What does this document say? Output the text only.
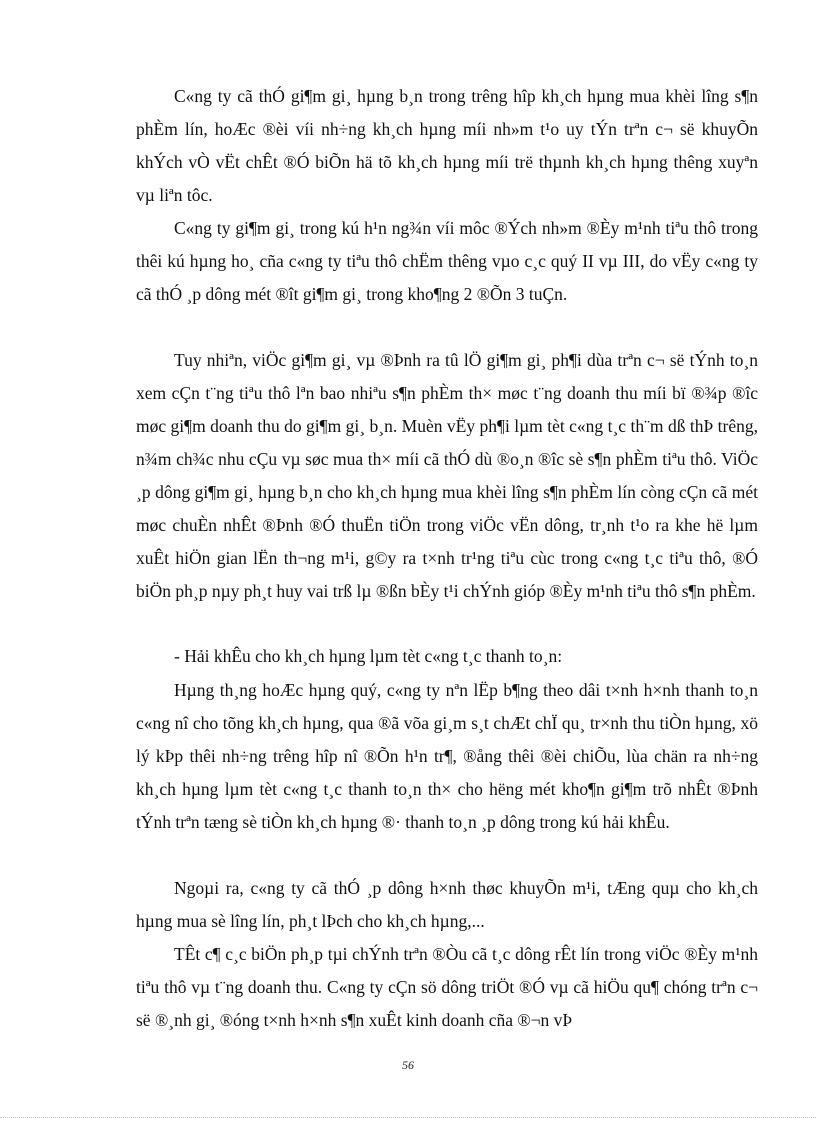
C«ng ty cã thÓ gi¶m gi¸ hµng b¸n trong trêng hîp kh¸ch hµng mua khèi lîng s¶n phÈm lín, hoÆc ®èi víi nh÷ng kh¸ch hµng míi nh»m t¹o uy tÝn trªn c¬ së khuyÕn khÝch vÒ vËt chÊt ®Ó biÕn hä tõ kh¸ch hµng míi trë thµnh kh¸ch hµng thêng xuyªn vµ liªn tôc.

C«ng ty gi¶m gi¸ trong kú h¹n ng¾n víi môc ®Ých nh»m ®Èy m¹nh tiªu thô trong thêi kú hµng ho¸ cña c«ng ty tiªu thô chËm thêng vµo c¸c quý II vµ III, do vËy c«ng ty cã thÓ ¸p dông mét ®ît gi¶m gi¸ trong kho¶ng 2 ®Õn 3 tuÇn.

Tuy nhiªn, viÖc gi¶m gi¸ vµ ®Þnh ra tû lÖ gi¶m gi¸ ph¶i dùa trªn c¬ së tÝnh to¸n xem cÇn t¨ng tiªu thô lªn bao nhiªu s¶n phÈm th× møc t¨ng doanh thu míi bï ®¾p ®îc møc gi¶m doanh thu do gi¶m gi¸ b¸n. Muèn vËy ph¶i lµm tèt c«ng t¸c th¨m dß thÞ trêng, n¾m ch¾c nhu cÇu vµ søc mua th× míi cã thÓ dù ®o¸n ®îc sè s¶n phÈm tiªu thô. ViÖc ¸p dông gi¶m gi¸ hµng b¸n cho kh¸ch hµng mua khèi lîng s¶n phÈm lín còng cÇn cã mét møc chuÈn nhÊt ®Þnh ®Ó thuËn tiÖn trong viÖc vËn dông, tr¸nh t¹o ra khe hë lµm xuÊt hiÖn gian lËn th¬ng m¹i, g©y ra t×nh tr¹ng tiªu cùc trong c«ng t¸c tiªu thô, ®Ó biÖn ph¸p nµy ph¸t huy vai trß lµ ®ßn bÈy t¹i chÝnh gióp ®Èy m¹nh tiªu thô s¶n phÈm.

- Hải khÊu cho kh¸ch hµng lµm tèt c«ng t¸c thanh to¸n:

Hµng th¸ng hoÆc hµng quý, c«ng ty nªn lËp b¶ng theo dâi t×nh h×nh thanh to¸n c«ng nî cho tõng kh¸ch hµng, qua ®ã võa gi¸m s¸t chÆt chÏ qu¸ tr×nh thu tiÒn hµng, xö lý kÞp thêi nh÷ng trêng hîp nî ®Õn h¹n tr¶, ®ång thêi ®èi chiÕu, lùa chän ra nh÷ng kh¸ch hµng lµm tèt c«ng t¸c thanh to¸n th× cho hëng mét kho¶n gi¶m trõ nhÊt ®Þnh tÝnh trªn tæng sè tiÒn kh¸ch hµng ®· thanh to¸n ¸p dông trong kú hải khÊu.

Ngoµi ra, c«ng ty cã thÓ ¸p dông h×nh thøc khuyÕn m¹i, tÆng quµ cho kh¸ch hµng mua sè lîng lín, ph¸t lÞch cho kh¸ch hµng,...

TÊt c¶ c¸c biÖn ph¸p tµi chÝnh trªn ®Òu cã t¸c dông rÊt lín trong viÖc ®Èy m¹nh tiªu thô vµ t¨ng doanh thu. C«ng ty cÇn sö dông triÖt ®Ó vµ cã hiÖu qu¶ chóng trªn c¬ së ®¸nh gi¸ ®óng t×nh h×nh s¶n xuÊt kinh doanh cña ®¬n vÞ

56
